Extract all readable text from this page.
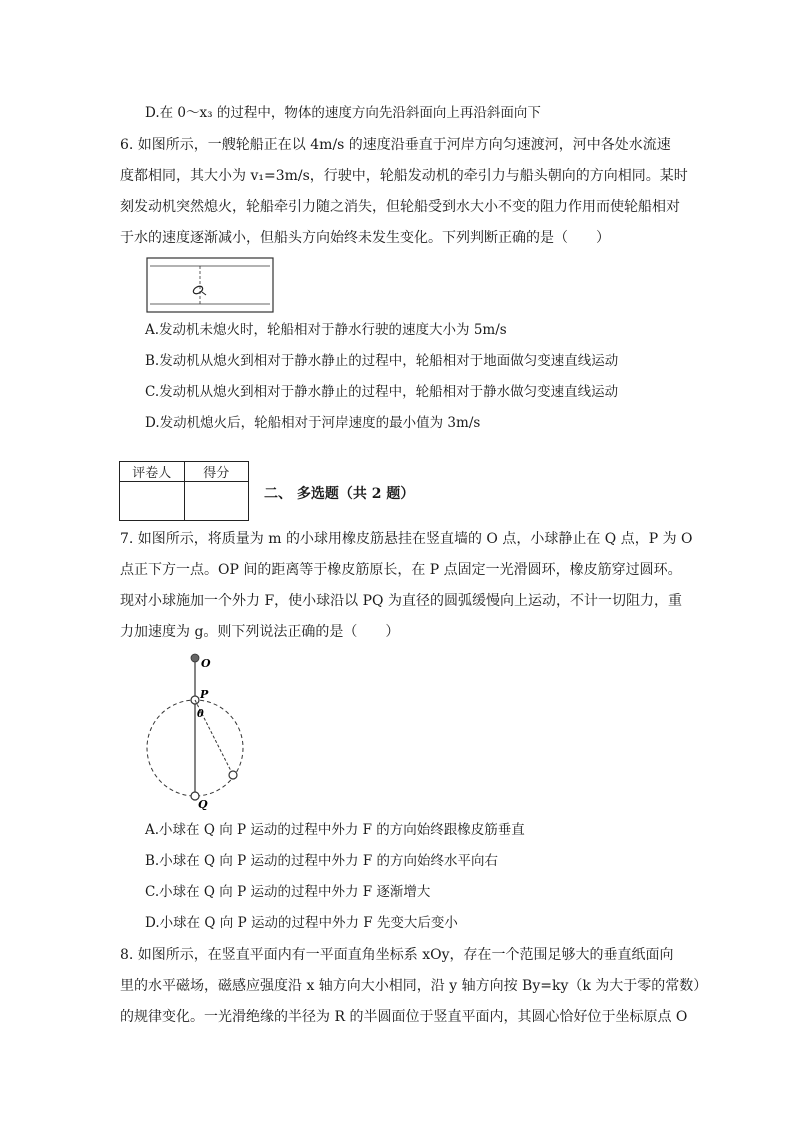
D.在 0～x₃ 的过程中，物体的速度方向先沿斜面向上再沿斜面向下
6. 如图所示，一艘轮船正在以 4m/s 的速度沿垂直于河岸方向匀速渡河，河中各处水流速
度都相同，其大小为 v₁=3m/s，行驶中，轮船发动机的牵引力与船头朝向的方向相同。某时
刻发动机突然熄火，轮船牵引力随之消失，但轮船受到水大小不变的阻力作用而使轮船相对
于水的速度逐渐减小，但船头方向始终未发生变化。下列判断正确的是（　　）
A.发动机未熄火时，轮船相对于静水行驶的速度大小为 5m/s
B.发动机从熄火到相对于静水静止的过程中，轮船相对于地面做匀变速直线运动
C.发动机从熄火到相对于静水静止的过程中，轮船相对于静水做匀变速直线运动
D.发动机熄火后，轮船相对于河岸速度的最小值为 3m/s
评卷人	得分

二、 多选题（共 2 题）
7. 如图所示，将质量为 m 的小球用橡皮筋悬挂在竖直墙的 O 点，小球静止在 Q 点，P 为 O
点正下方一点。OP 间的距离等于橡皮筋原长，在 P 点固定一光滑圆环，橡皮筋穿过圆环。
现对小球施加一个外力 F，使小球沿以 PQ 为直径的圆弧缓慢向上运动，不计一切阻力，重
力加速度为 g。则下列说法正确的是（　　）
O
P
θ
Q
A.小球在 Q 向 P 运动的过程中外力 F 的方向始终跟橡皮筋垂直
B.小球在 Q 向 P 运动的过程中外力 F 的方向始终水平向右
C.小球在 Q 向 P 运动的过程中外力 F 逐渐增大
D.小球在 Q 向 P 运动的过程中外力 F 先变大后变小
8. 如图所示，在竖直平面内有一平面直角坐标系 xOy，存在一个范围足够大的垂直纸面向
里的水平磁场，磁感应强度沿 x 轴方向大小相同，沿 y 轴方向按 By=ky（k 为大于零的常数）
的规律变化。一光滑绝缘的半径为 R 的半圆面位于竖直平面内，其圆心恰好位于坐标原点 O
